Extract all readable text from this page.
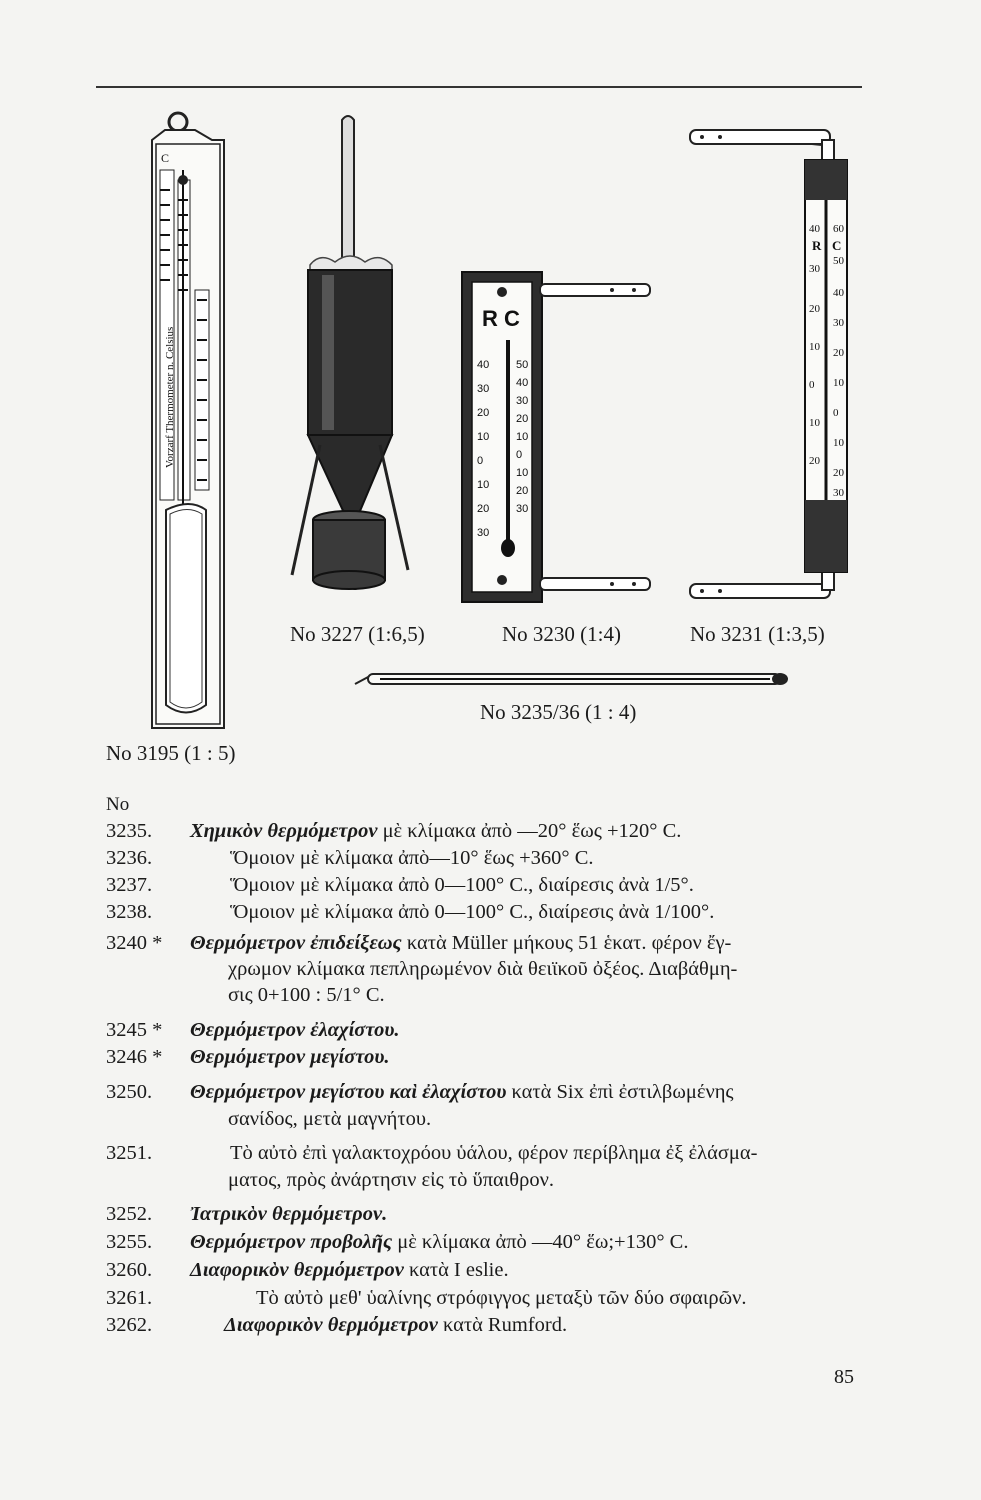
C
Vorzarf Thermometer n. Celsius
R C
40
30
20
10
0
10
20
30
50
40
30
20
10
0
10
20
30
40
30
20
10
0
10
20
60
50
40
30
20
10
0
10
20
30
R C
No 3227 (1:6,5)	No 3230 (1:4)	No 3231 (1:3,5)
No 3235/36 (1 : 4)
No 3195 (1 : 5)
No
3235.	Χημικὸν θερμόμετρον μὲ κλίμακα ἀπὸ —20° ἕως +120° C.
3236.	Ὅμοιον μὲ κλίμακα ἀπὸ—10° ἕως +360° C.
3237.	Ὅμοιον μὲ κλίμακα ἀπὸ 0—100° C., διαίρεσις ἀνὰ 1/5°.
3238.	Ὅμοιον μὲ κλίμακα ἀπὸ 0—100° C., διαίρεσις ἀνὰ 1/100°.
3240 *	Θερμόμετρον ἐπιδείξεως κατὰ Müller μήκους 51 ἑκατ. φέρον ἔγ-
χρωμον κλίμακα πεπληρωμένον διὰ θειϊκοῦ ὀξέος. Διαβάθμη-
σις 0+100 : 5/1° C.
3245 *	Θερμόμετρον ἐλαχίστου.
3246 *	Θερμόμετρον μεγίστου.
3250.	Θερμόμετρον μεγίστου καὶ ἐλαχίστου κατὰ Six ἐπὶ ἐστιλβωμένης
σανίδος, μετὰ μαγνήτου.
3251.	Τὸ αὐτὸ ἐπὶ γαλακτοχρόου ὑάλου, φέρον περίβλημα ἐξ ἐλάσμα-
ματος, πρὸς ἀνάρτησιν εἰς τὸ ὕπαιθρον.
3252.	Ἰατρικὸν θερμόμετρον.
3255.	Θερμόμετρον προβολῆς μὲ κλίμακα ἀπὸ —40° ἕω;+130° C.
3260.	Διαφορικὸν θερμόμετρον κατὰ I eslie.
3261.	Τὸ αὐτὸ μεθ' ὑαλίνης στρόφιγγος μεταξὺ τῶν δύο σφαιρῶν.
3262.	Διαφορικὸν θερμόμετρον κατὰ Rumford.
85
